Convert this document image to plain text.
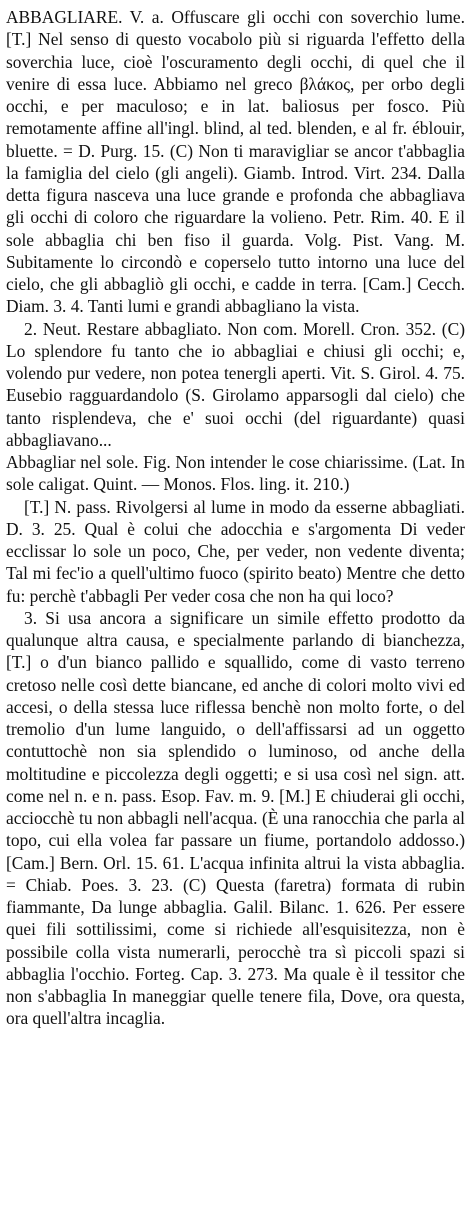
ABBAGLIARE. V. a. Offuscare gli occhi con soverchio lume. [T.] Nel senso di questo vocabolo più si riguarda l'effetto della soverchia luce, cioè l'oscuramento degli occhi, di quel che il venire di essa luce. Abbiamo nel greco βλάκος, per orbo degli occhi, e per maculoso; e in lat. baliosus per fosco. Più remotamente affine all'ingl. blind, al ted. blenden, e al fr. éblouir, bluette. = D. Purg. 15. (C) Non ti maravigliar se ancor t'abbaglia la famiglia del cielo (gli angeli). Giamb. Introd. Virt. 234. Dalla detta figura nasceva una luce grande e profonda che abbagliava gli occhi di coloro che riguardare la volieno. Petr. Rim. 40. E il sole abbaglia chi ben fiso il guarda. Volg. Pist. Vang. M. Subitamente lo circondò e coperselo tutto intorno una luce del cielo, che gli abbagliò gli occhi, e cadde in terra. [Cam.] Cecch. Diam. 3. 4. Tanti lumi e grandi abbagliano la vista.

2. Neut. Restare abbagliato. Non com. Morell. Cron. 352. (C) Lo splendore fu tanto che io abbagliai e chiusi gli occhi; e, volendo pur vedere, non potea tenergli aperti. Vit. S. Girol. 4. 75. Eusebio ragguardandolo (S. Girolamo apparsogli dal cielo) che tanto risplendeva, che e' suoi occhi (del riguardante) quasi abbagliavano...

Abbagliar nel sole. Fig. Non intender le cose chiarissime. (Lat. In sole caligat. Quint. — Monos. Flos. ling. it. 210.)

[T.] N. pass. Rivolgersi al lume in modo da esserne abbagliati. D. 3. 25. Qual è colui che adocchia e s'argomenta Di veder ecclissar lo sole un poco, Che, per veder, non vedente diventa; Tal mi fec'io a quell'ultimo fuoco (spirito beato) Mentre che detto fu: perchè t'abbagli Per veder cosa che non ha qui loco?

3. Si usa ancora a significare un simile effetto prodotto da qualunque altra causa, e specialmente parlando di bianchezza, [T.] o d'un bianco pallido e squallido, come di vasto terreno cretoso nelle così dette biancane, ed anche di colori molto vivi ed accesi, o della stessa luce riflessa benchè non molto forte, o del tremolio d'un lume languido, o dell'affissarsi ad un oggetto contuttochè non sia splendido o luminoso, od anche della moltitudine e piccolezza degli oggetti; e si usa così nel sign. att. come nel n. e n. pass. Esop. Fav. m. 9. [M.] E chiuderai gli occhi, acciocchè tu non abbagli nell'acqua. (È una ranocchia che parla al topo, cui ella volea far passare un fiume, portandolo addosso.) [Cam.] Bern. Orl. 15. 61. L'acqua infinita altrui la vista abbaglia. = Chiab. Poes. 3. 23. (C) Questa (faretra) formata di rubin fiammante, Da lunge abbaglia. Galil. Bilanc. 1. 626. Per essere quei fili sottilissimi, come si richiede all'esquisitezza, non è possibile colla vista numerarli, perocchè tra sì piccoli spazi si abbaglia l'occhio. Forteg. Cap. 3. 273. Ma quale è il tessitor che non s'abbaglia In maneggiar quelle tenere fila, Dove, ora questa, ora quell'altra incaglia.
